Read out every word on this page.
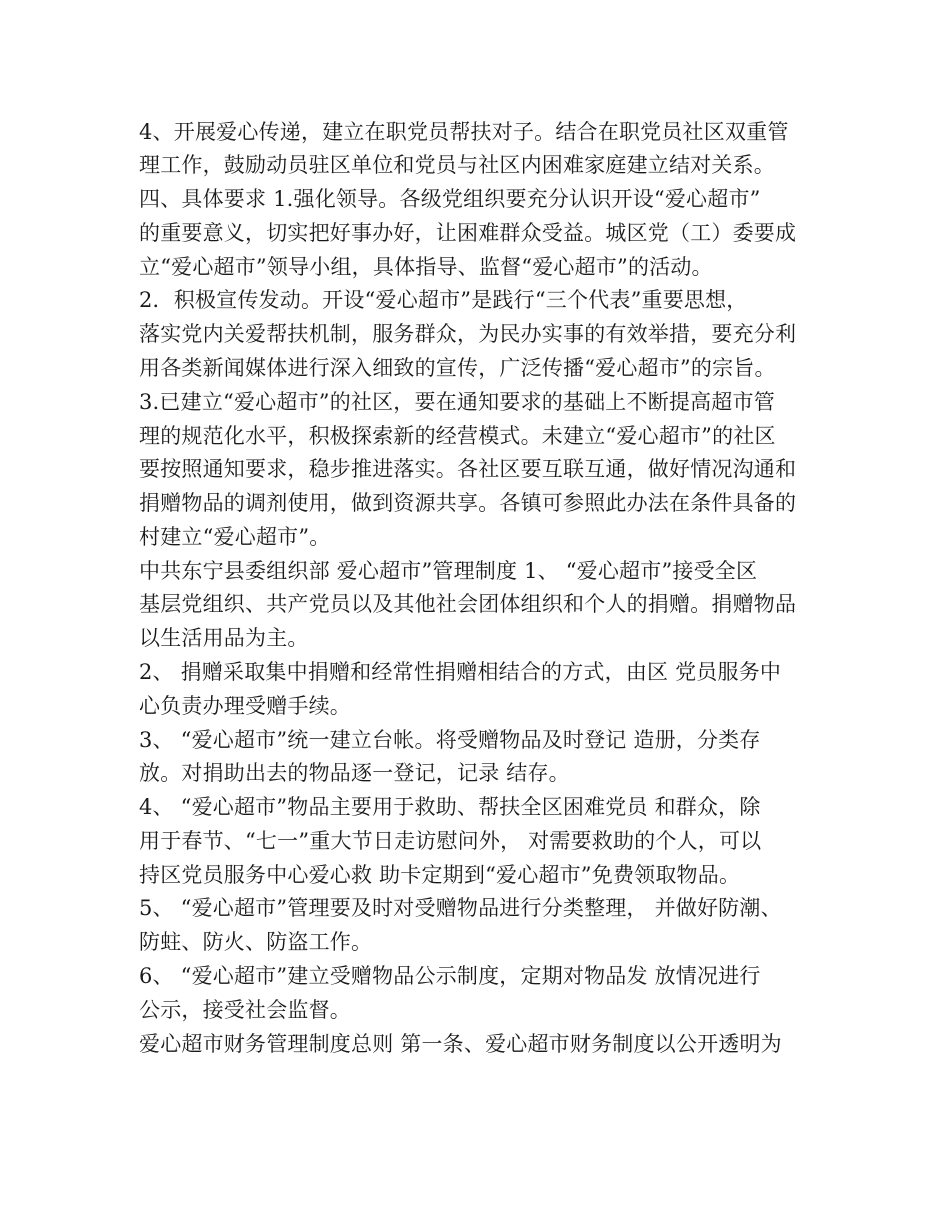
4、开展爱心传递，建立在职党员帮扶对子。结合在职党员社区双重管

理工作，鼓励动员驻区单位和党员与社区内困难家庭建立结对关系。

四、具体要求 1.强化领导。各级党组织要充分认识开设“爱心超市”

的重要意义，切实把好事办好，让困难群众受益。城区党（工）委要成

立“爱心超市”领导小组，具体指导、监督“爱心超市”的活动。

2．积极宣传发动。开设“爱心超市”是践行“三个代表”重要思想，

落实党内关爱帮扶机制，服务群众，为民办实事的有效举措，要充分利

用各类新闻媒体进行深入细致的宣传，广泛传播“爱心超市”的宗旨。

3.已建立“爱心超市”的社区，要在通知要求的基础上不断提高超市管

理的规范化水平，积极探索新的经营模式。未建立“爱心超市”的社区

要按照通知要求，稳步推进落实。各社区要互联互通，做好情况沟通和

捐赠物品的调剂使用，做到资源共享。各镇可参照此办法在条件具备的

村建立“爱心超市”。

中共东宁县委组织部 爱心超市”管理制度 1、 “爱心超市”接受全区

基层党组织、共产党员以及其他社会团体组织和个人的捐赠。捐赠物品

以生活用品为主。

2、 捐赠采取集中捐赠和经常性捐赠相结合的方式，由区 党员服务中

心负责办理受赠手续。

3、 “爱心超市”统一建立台帐。将受赠物品及时登记 造册，分类存

放。对捐助出去的物品逐一登记，记录 结存。

4、 “爱心超市”物品主要用于救助、帮扶全区困难党员 和群众，除

用于春节、“七一”重大节日走访慰问外， 对需要救助的个人，可以

持区党员服务中心爱心救 助卡定期到“爱心超市”免费领取物品。

5、 “爱心超市”管理要及时对受赠物品进行分类整理， 并做好防潮、

防蛀、防火、防盗工作。

6、 “爱心超市”建立受赠物品公示制度，定期对物品发 放情况进行

公示，接受社会监督。

爱心超市财务管理制度总则 第一条、爱心超市财务制度以公开透明为
